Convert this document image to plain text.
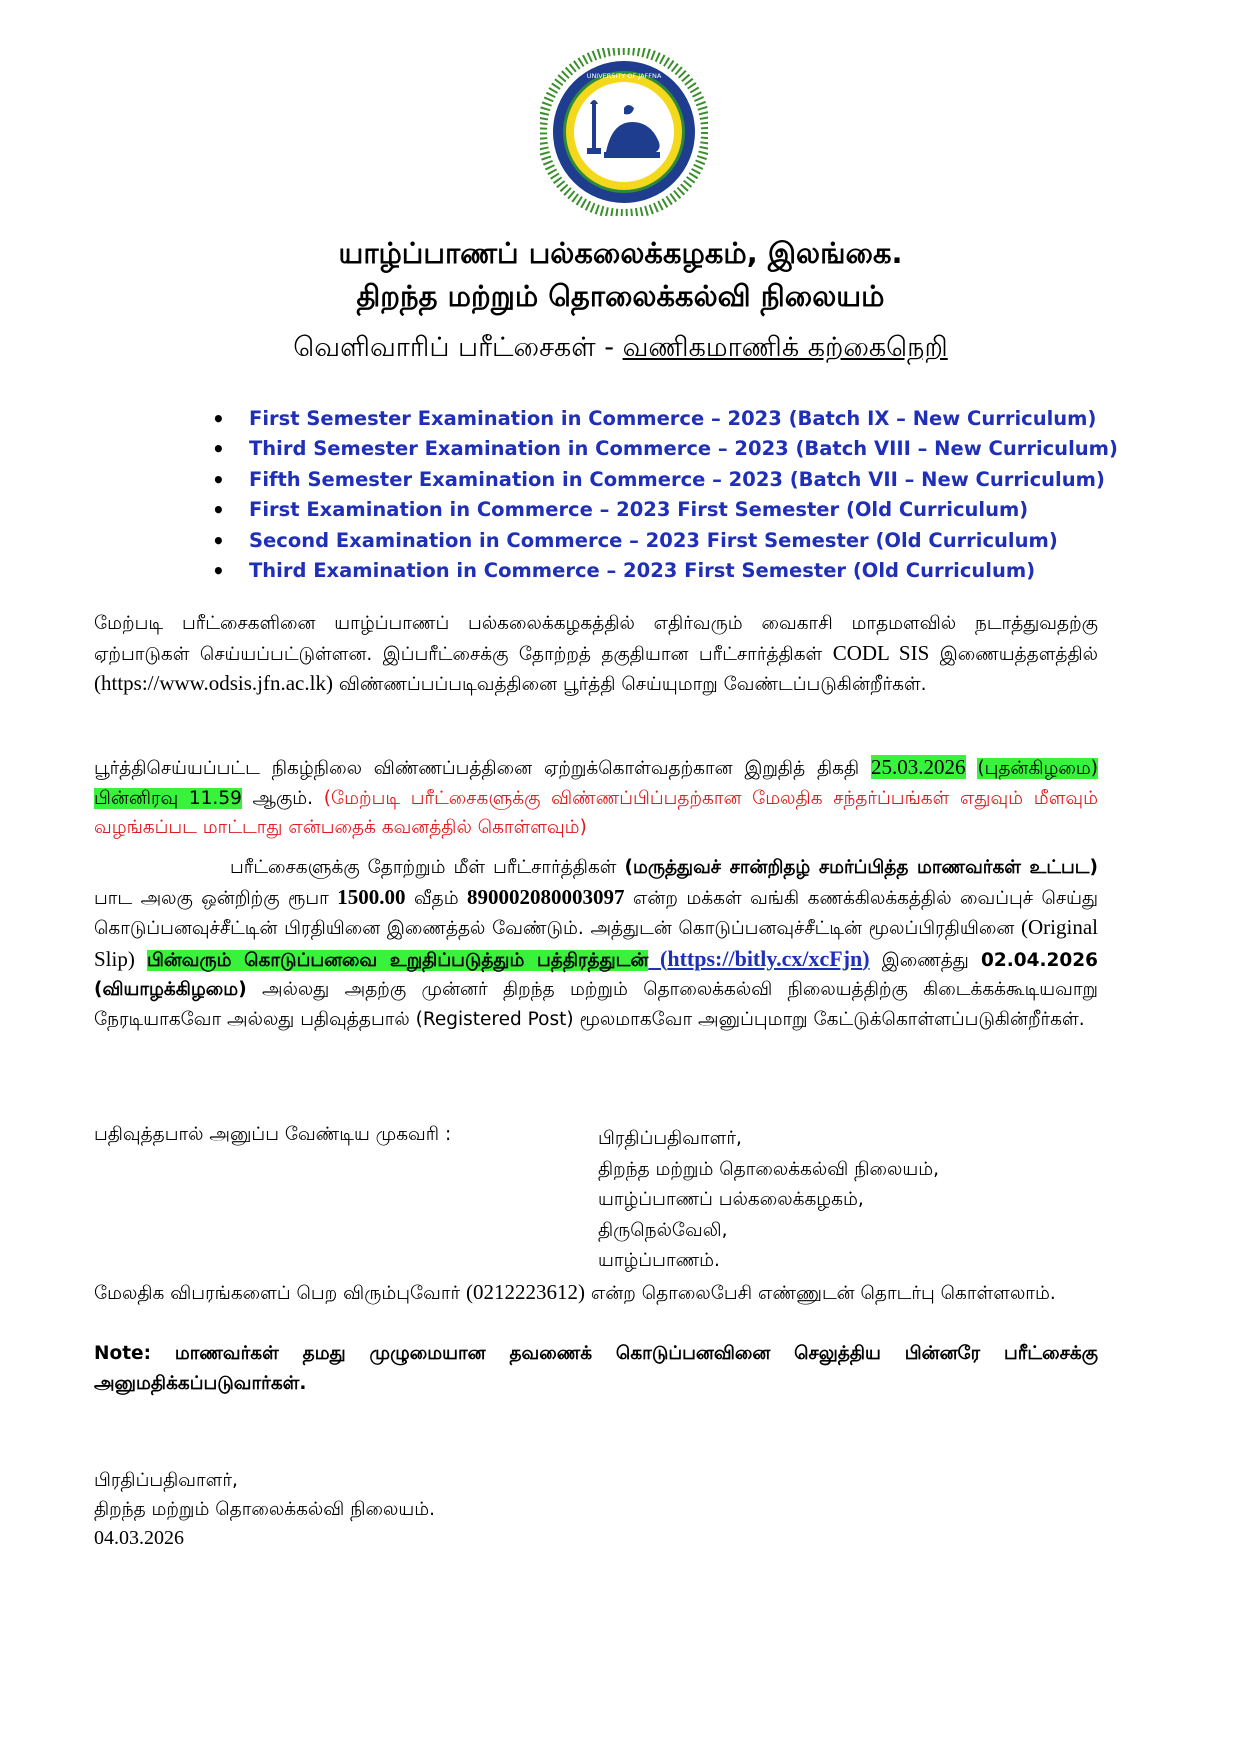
UNIVERSITY OF JAFFNA
யாழ்ப்பாணப் பல்கலைக்கழகம், இலங்கை.
திறந்த மற்றும் தொலைக்கல்வி நிலையம்
வெளிவாரிப் பரீட்சைகள் - வணிகமாணிக் கற்கைநெறி
• First Semester Examination in Commerce – 2023 (Batch IX – New Curriculum)
• Third Semester Examination in Commerce – 2023 (Batch VIII – New Curriculum)
• Fifth Semester Examination in Commerce – 2023 (Batch VII – New Curriculum)
• First Examination in Commerce – 2023 First Semester (Old Curriculum)
• Second Examination in Commerce – 2023 First Semester (Old Curriculum)
• Third Examination in Commerce – 2023 First Semester (Old Curriculum)
மேற்படி பரீட்சைகளினை யாழ்ப்பாணப் பல்கலைக்கழகத்தில் எதிர்வரும் வைகாசி மாதமளவில் நடாத்துவதற்கு ஏற்பாடுகள் செய்யப்பட்டுள்ளன. இப்பரீட்சைக்கு தோற்றத் தகுதியான பரீட்சார்த்திகள் CODL SIS இணையத்தளத்தில் (https://www.odsis.jfn.ac.lk) விண்ணப்பப்படிவத்தினை பூர்த்தி செய்யுமாறு வேண்டப்படுகின்றீர்கள்.
பூர்த்திசெய்யப்பட்ட நிகழ்நிலை விண்ணப்பத்தினை ஏற்றுக்கொள்வதற்கான இறுதித் திகதி 25.03.2026 (புதன்கிழமை) பின்னிரவு 11.59 ஆகும். (மேற்படி பரீட்சைகளுக்கு விண்ணப்பிப்பதற்கான மேலதிக சந்தர்ப்பங்கள் எதுவும் மீளவும் வழங்கப்பட மாட்டாது என்பதைக் கவனத்தில் கொள்ளவும்)
பரீட்சைகளுக்கு தோற்றும் மீள் பரீட்சார்த்திகள் (மருத்துவச் சான்றிதழ் சமர்ப்பித்த மாணவர்கள் உட்பட) பாட அலகு ஒன்றிற்கு ரூபா 1500.00 வீதம் 890002080003097 என்ற மக்கள் வங்கி கணக்கிலக்கத்தில் வைப்புச் செய்து கொடுப்பனவுச்சீட்டின் பிரதியினை இணைத்தல் வேண்டும். அத்துடன் கொடுப்பனவுச்சீட்டின் மூலப்பிரதியினை (Original Slip) பின்வரும் கொடுப்பனவை உறுதிப்படுத்தும் பத்திரத்துடன் (https://bitly.cx/xcFjn) இணைத்து 02.04.2026 (வியாழக்கிழமை) அல்லது அதற்கு முன்னர் திறந்த மற்றும் தொலைக்கல்வி நிலையத்திற்கு கிடைக்கக்கூடியவாறு நேரடியாகவோ அல்லது பதிவுத்தபால் (Registered Post) மூலமாகவோ அனுப்புமாறு கேட்டுக்கொள்ளப்படுகின்றீர்கள்.
பதிவுத்தபால் அனுப்ப வேண்டிய முகவரி :	பிரதிப்பதிவாளர்,
திறந்த மற்றும் தொலைக்கல்வி நிலையம்,
யாழ்ப்பாணப் பல்கலைக்கழகம்,
திருநெல்வேலி,
யாழ்ப்பாணம்.
மேலதிக விபரங்களைப் பெற விரும்புவோர் (0212223612) என்ற தொலைபேசி எண்ணுடன் தொடர்பு கொள்ளலாம்.
Note: மாணவர்கள் தமது முழுமையான தவணைக் கொடுப்பனவினை செலுத்திய பின்னரே பரீட்சைக்கு அனுமதிக்கப்படுவார்கள்.
பிரதிப்பதிவாளர்,
திறந்த மற்றும் தொலைக்கல்வி நிலையம்.
04.03.2026
